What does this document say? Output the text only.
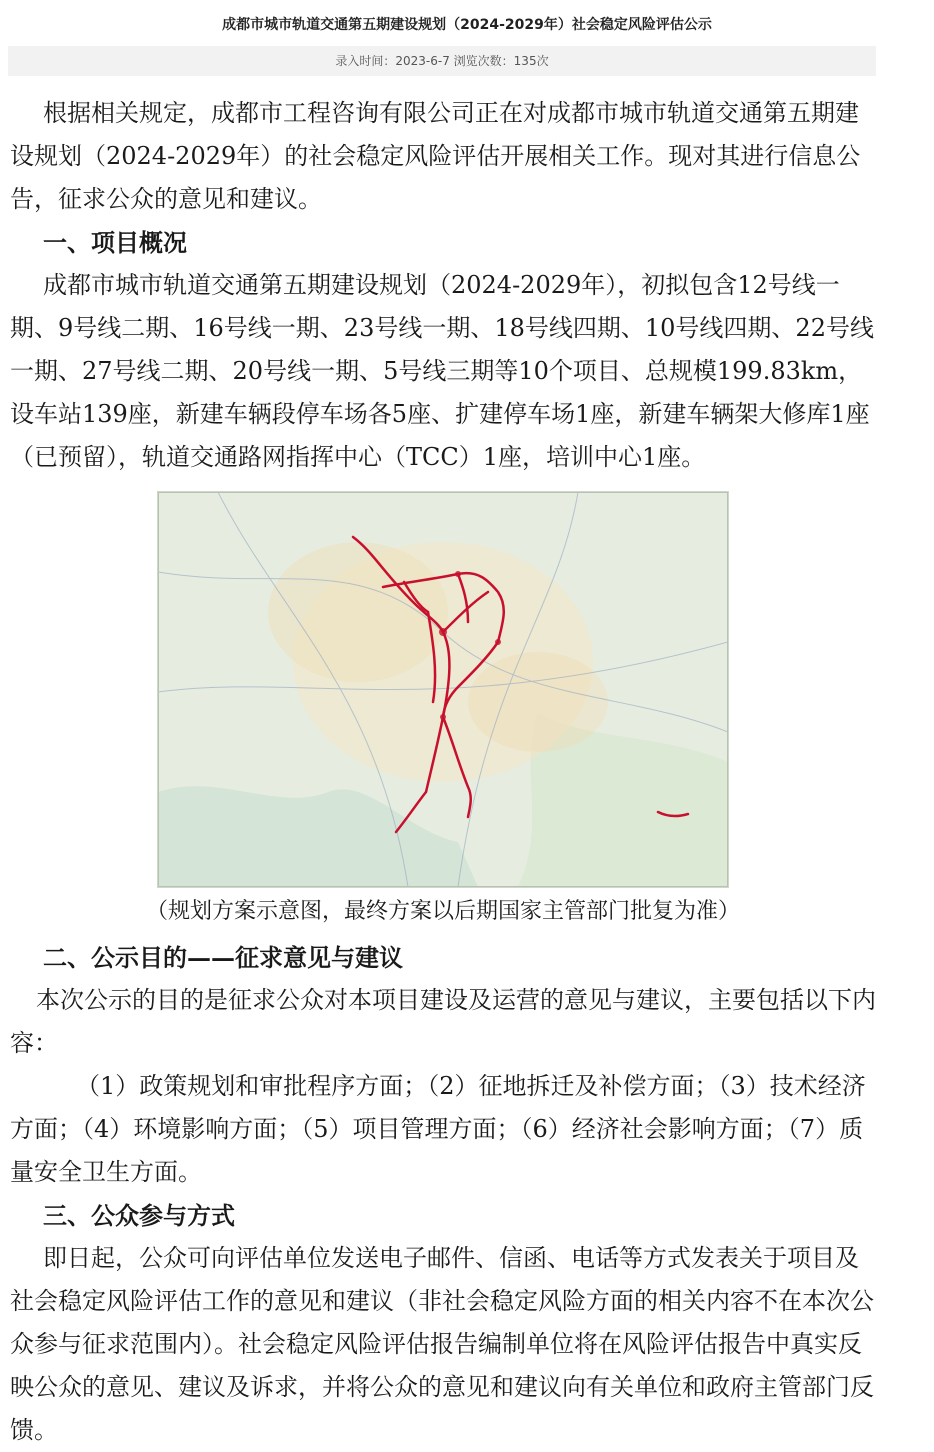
成都市城市轨道交通第五期建设规划（2024-2029年）社会稳定风险评估公示
录入时间：2023-6-7 浏览次数：135次

根据相关规定，成都市工程咨询有限公司正在对成都市城市轨道交通第五期建设规划（2024-2029年）的社会稳定风险评估开展相关工作。现对其进行信息公告，征求公众的意见和建议。

一、项目概况

成都市城市轨道交通第五期建设规划（2024-2029年），初拟包含12号线一期、9号线二期、16号线一期、23号线一期、18号线四期、10号线四期、22号线一期、27号线二期、20号线一期、5号线三期等10个项目、总规模199.83km，设车站139座，新建车辆段停车场各5座、扩建停车场1座，新建车辆架大修库1座（已预留），轨道交通路网指挥中心（TCC）1座，培训中心1座。

（规划方案示意图，最终方案以后期国家主管部门批复为准）

二、公示目的——征求意见与建议

本次公示的目的是征求公众对本项目建设及运营的意见与建议，主要包括以下内容：

（1）政策规划和审批程序方面；（2）征地拆迁及补偿方面；（3）技术经济方面；（4）环境影响方面；（5）项目管理方面；（6）经济社会影响方面；（7）质量安全卫生方面。

三、公众参与方式

即日起，公众可向评估单位发送电子邮件、信函、电话等方式发表关于项目及社会稳定风险评估工作的意见和建议（非社会稳定风险方面的相关内容不在本次公众参与征求范围内）。社会稳定风险评估报告编制单位将在风险评估报告中真实反映公众的意见、建议及诉求，并将公众的意见和建议向有关单位和政府主管部门反馈。
